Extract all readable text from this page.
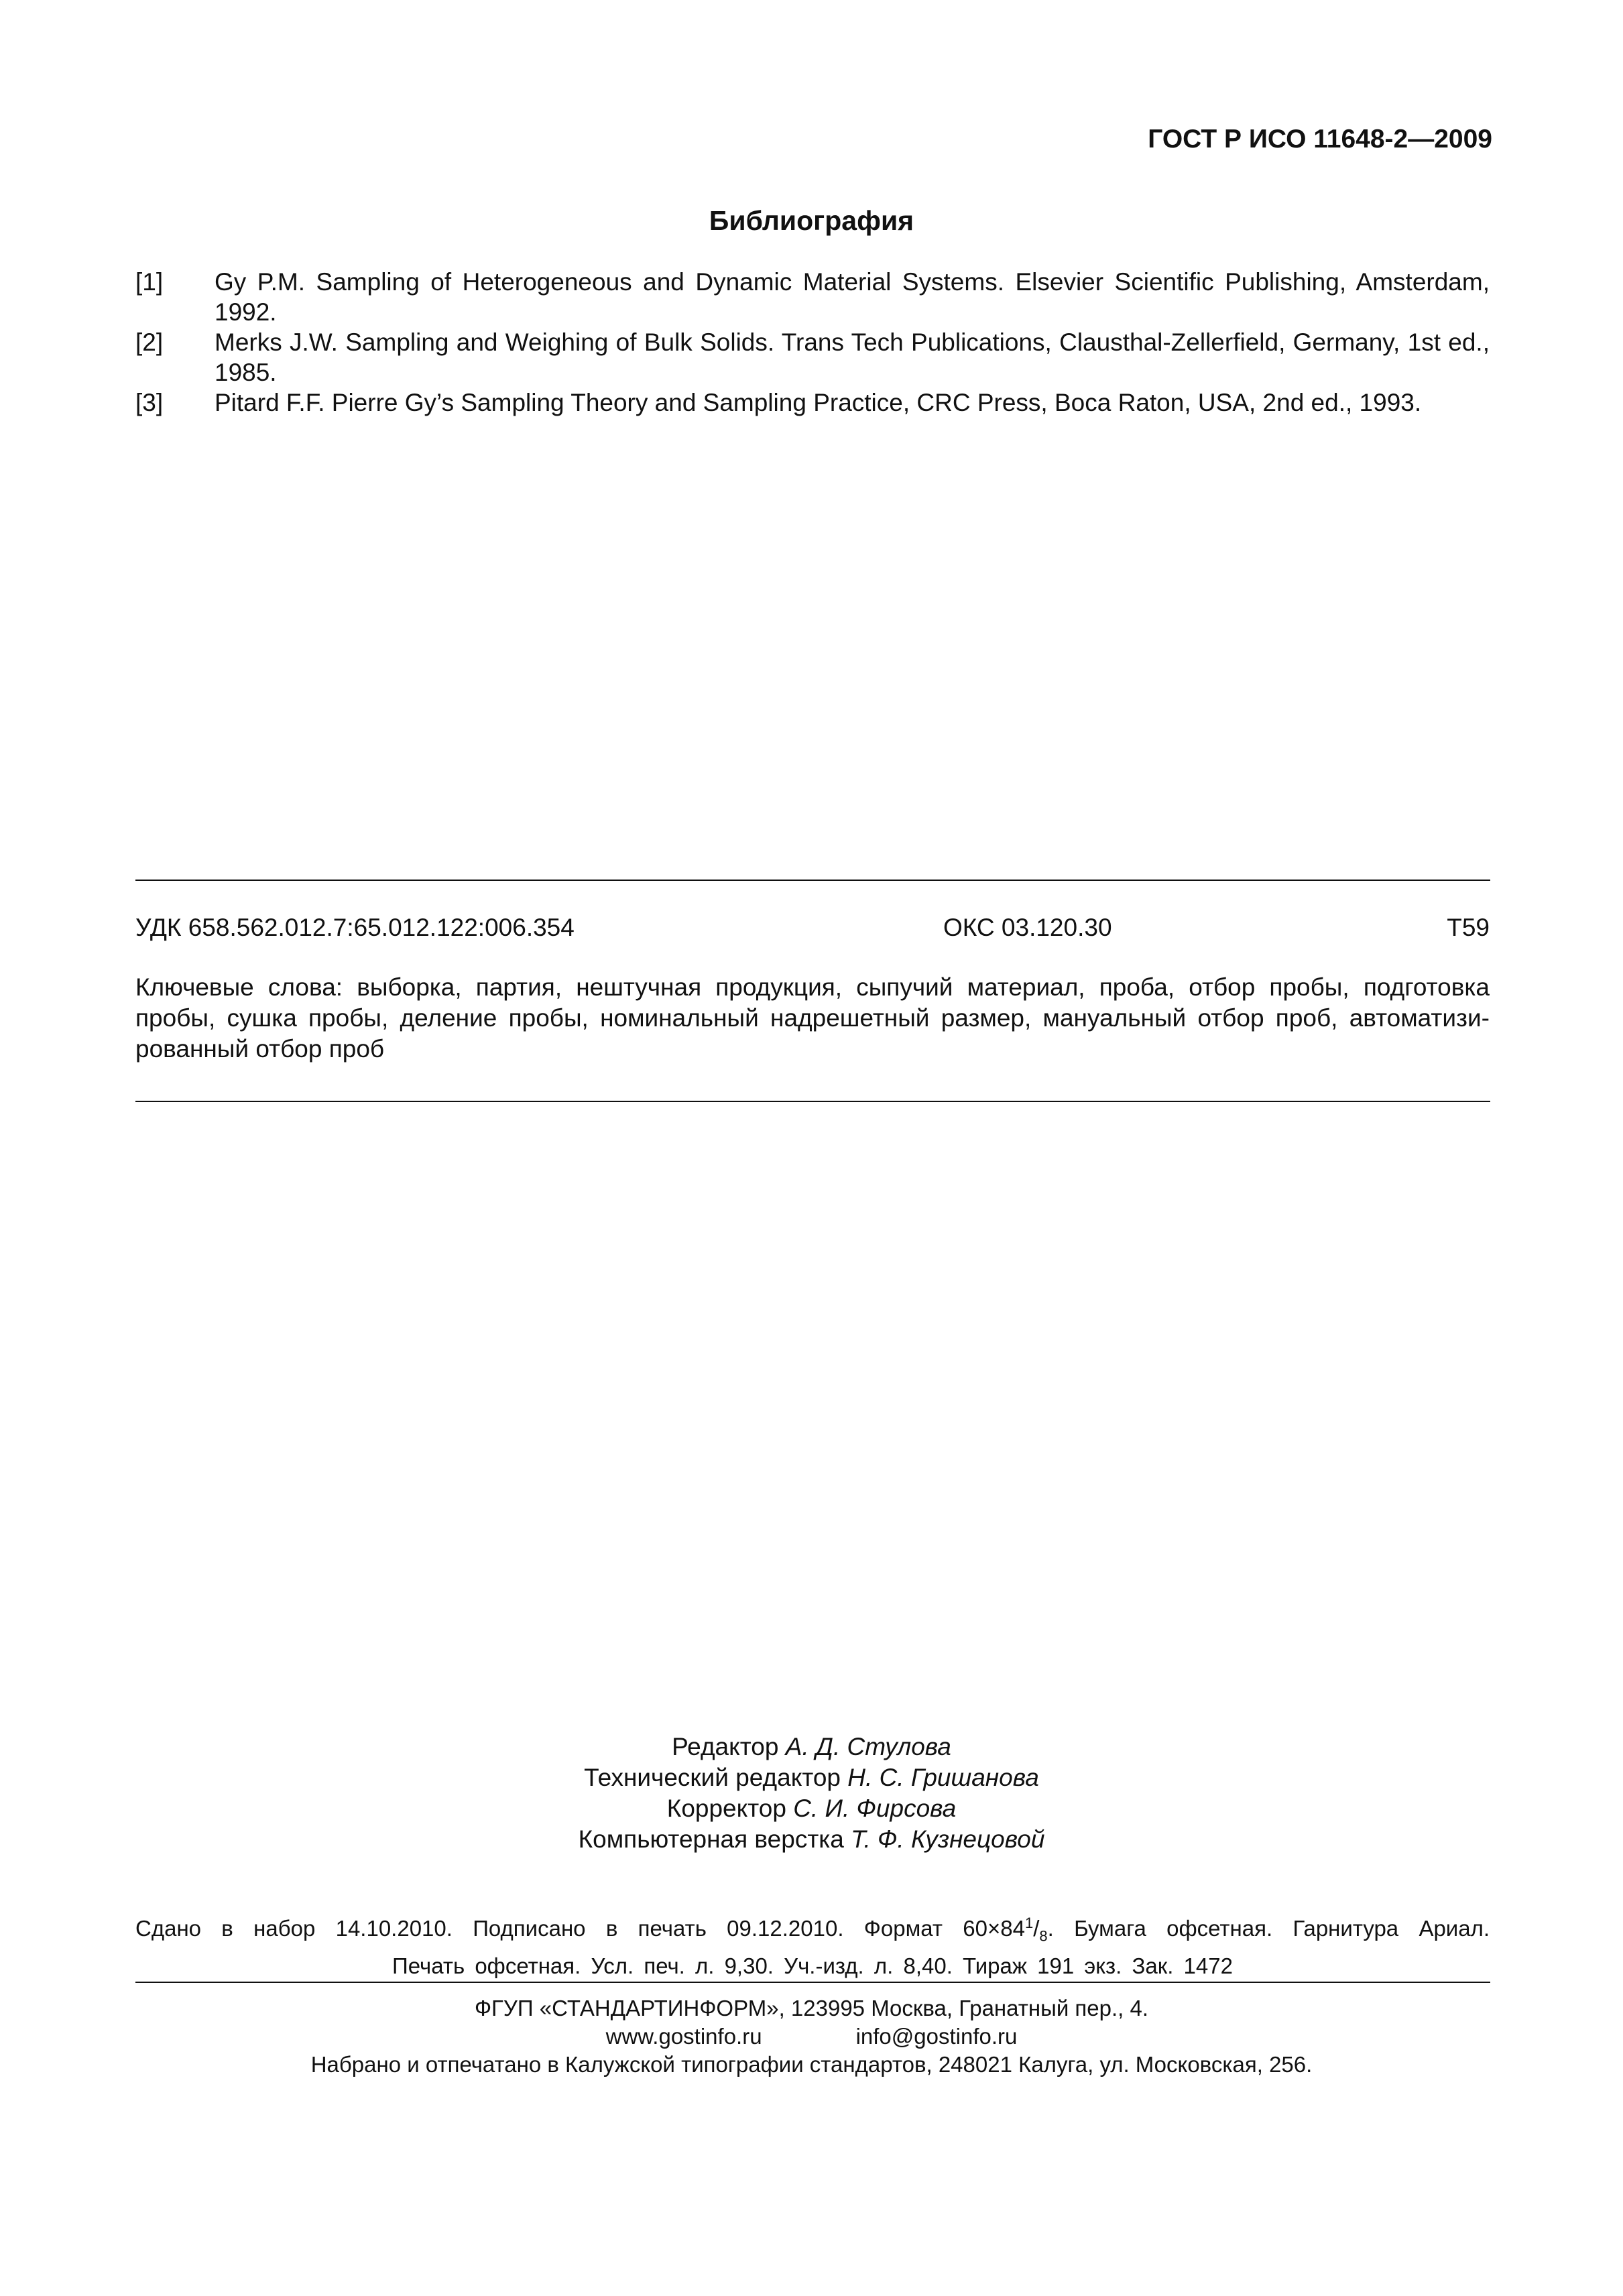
ГОСТ Р ИСО 11648-2—2009
Библиография
[1]	Gy P.M. Sampling of Heterogeneous and Dynamic Material Systems. Elsevier Scientific Publishing, Amsterdam, 1992.
[2]	Merks J.W. Sampling and Weighing of Bulk Solids. Trans Tech Publications, Clausthal-Zellerfield, Germany, 1st ed., 1985.
[3]	Pitard F.F. Pierre Gy’s Sampling Theory and Sampling Practice, CRC Press, Boca Raton, USA, 2nd ed., 1993.
УДК 658.562.012.7:65.012.122:006.354	ОКС 03.120.30	Т59
Ключевые слова: выборка, партия, нештучная продукция, сыпучий материал, проба, отбор пробы, подготовка пробы, сушка пробы, деление пробы, номинальный надрешетный размер, мануальный отбор проб, автоматизи-рованный отбор проб
Редактор А. Д. Стулова
Технический редактор Н. С. Гришанова
Корректор С. И. Фирсова
Компьютерная верстка Т. Ф. Кузнецовой
Сдано в набор 14.10.2010. Подписано в печать 09.12.2010. Формат $60\times 84^1/_8$. Бумага офсетная. Гарнитура Ариал.
Печать офсетная. Усл. печ. л. 9,30. Уч.-изд. л. 8,40. Тираж 191 экз. Зак. 1472
ФГУП «СТАНДАРТИНФОРМ», 123995 Москва, Гранатный пер., 4.
www.gostinfo.ru	info@gostinfo.ru
Набрано и отпечатано в Калужской типографии стандартов, 248021 Калуга, ул. Московская, 256.
